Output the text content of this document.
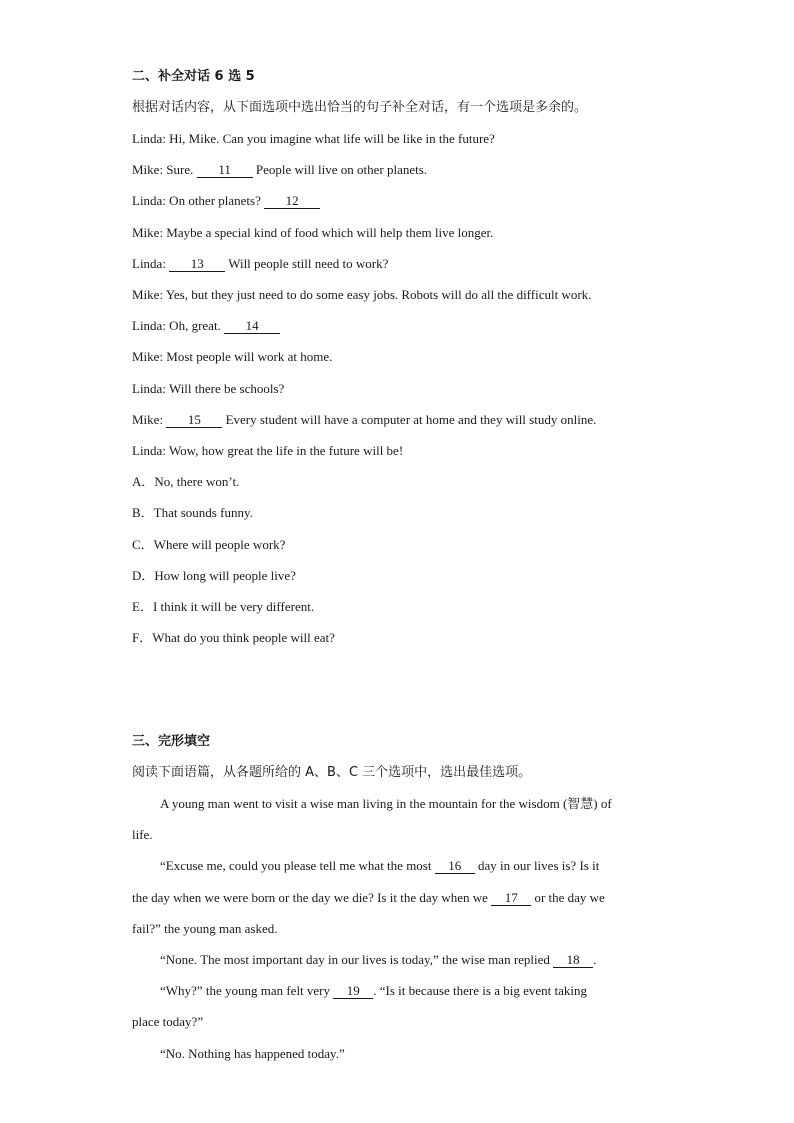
二、补全对话 6 选 5
根据对话内容，从下面选项中选出恰当的句子补全对话，有一个选项是多余的。
Linda: Hi, Mike. Can you imagine what life will be like in the future?
Mike: Sure. 11 People will live on other planets.
Linda: On other planets? 12
Mike: Maybe a special kind of food which will help them live longer.
Linda: 13 Will people still need to work?
Mike: Yes, but they just need to do some easy jobs. Robots will do all the difficult work.
Linda: Oh, great. 14
Mike: Most people will work at home.
Linda: Will there be schools?
Mike: 15 Every student will have a computer at home and they will study online.
Linda: Wow, how great the life in the future will be!
A．No, there won’t.
B．That sounds funny.
C．Where will people work?
D．How long will people live?
E．I think it will be very different.
F．What do you think people will eat?
三、完形填空
阅读下面语篇，从各题所给的 A、B、C 三个选项中，选出最佳选项。
A young man went to visit a wise man living in the mountain for the wisdom (智慧) of
life.
“Excuse me, could you please tell me what the most 16 day in our lives is? Is it
the day when we were born or the day we die? Is it the day when we 17 or the day we
fail?” the young man asked.
“None. The most important day in our lives is today,” the wise man replied 18 .
“Why?” the young man felt very 19 . “Is it because there is a big event taking
place today?”
“No. Nothing has happened today.”
